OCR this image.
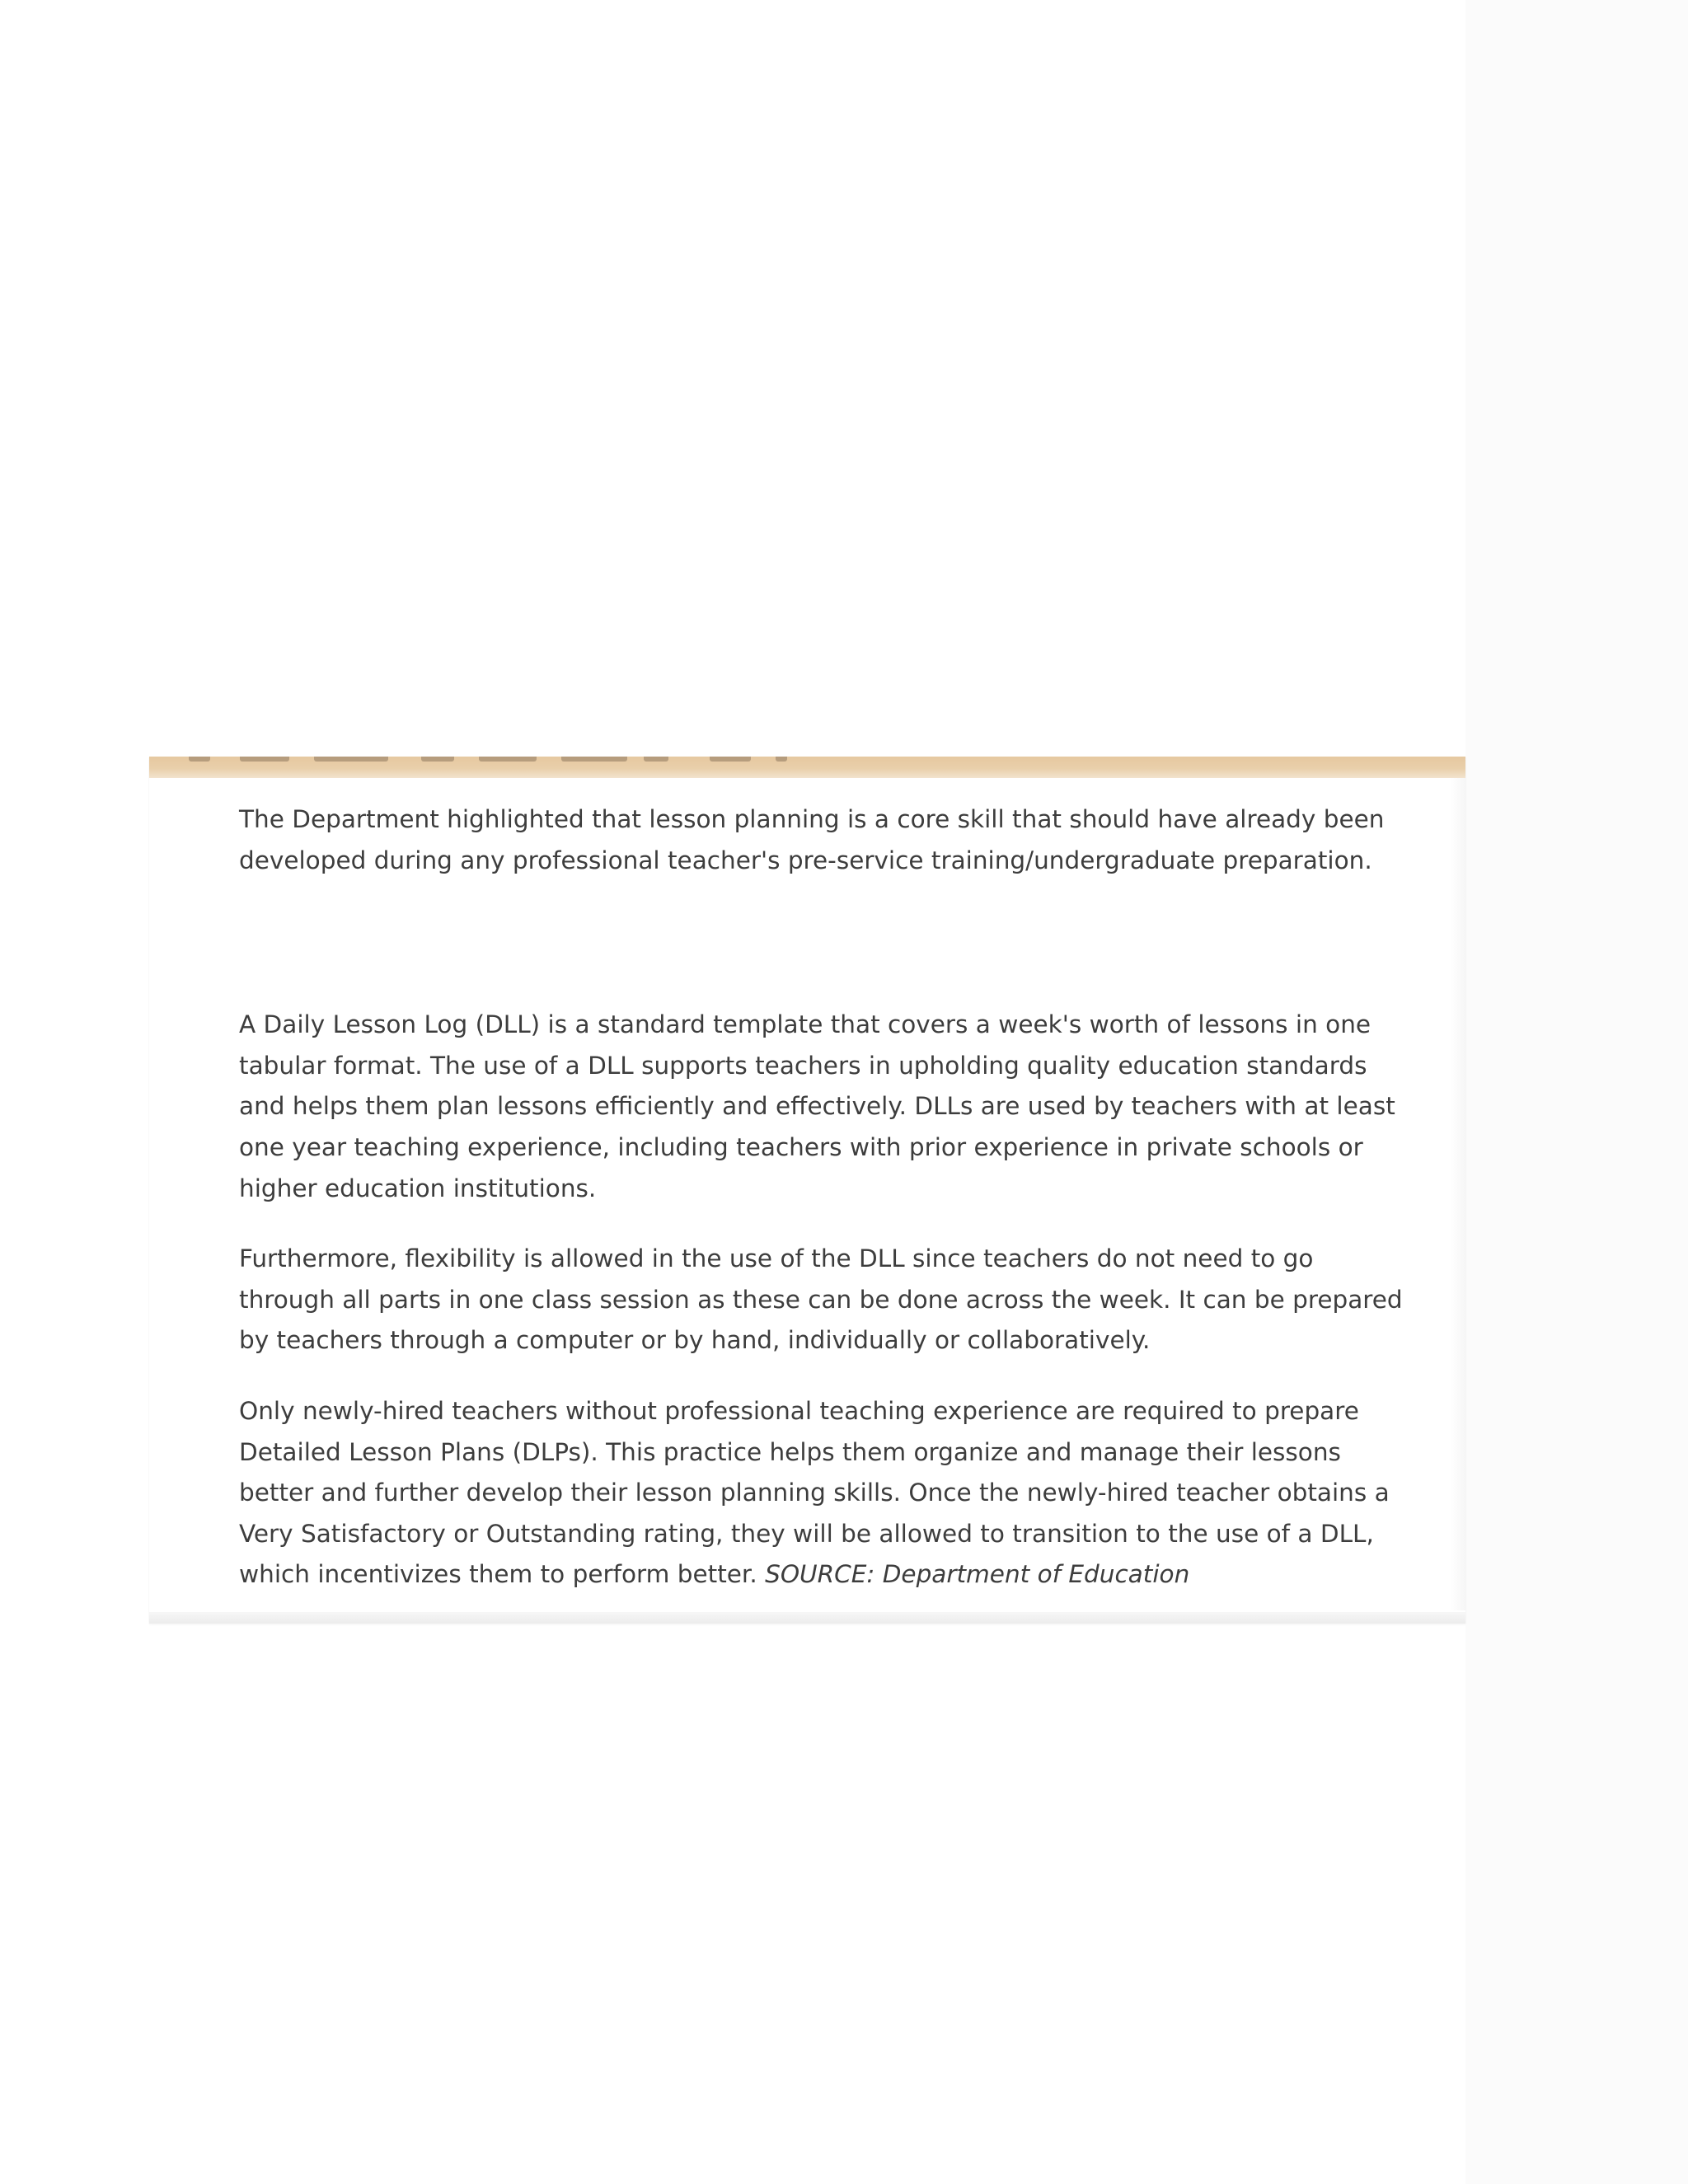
The Department highlighted that lesson planning is a core skill that should have already been developed during any professional teacher's pre-service training/undergraduate preparation.

A Daily Lesson Log (DLL) is a standard template that covers a week's worth of lessons in one tabular format. The use of a DLL supports teachers in upholding quality education standards and helps them plan lessons efficiently and effectively. DLLs are used by teachers with at least one year teaching experience, including teachers with prior experience in private schools or higher education institutions.

Furthermore, flexibility is allowed in the use of the DLL since teachers do not need to go through all parts in one class session as these can be done across the week. It can be prepared by teachers through a computer or by hand, individually or collaboratively.

Only newly-hired teachers without professional teaching experience are required to prepare Detailed Lesson Plans (DLPs). This practice helps them organize and manage their lessons better and further develop their lesson planning skills. Once the newly-hired teacher obtains a Very Satisfactory or Outstanding rating, they will be allowed to transition to the use of a DLL, which incentivizes them to perform better. SOURCE: Department of Education
